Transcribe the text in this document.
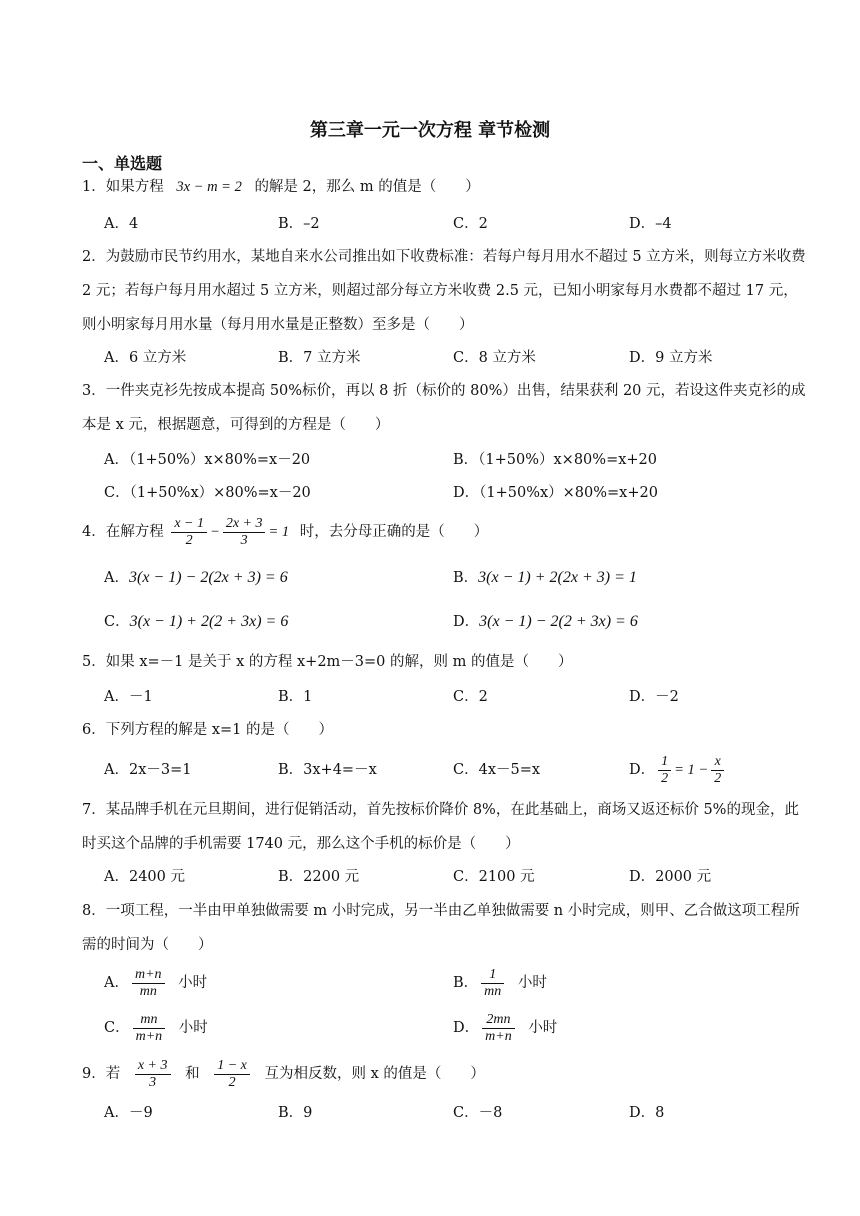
第三章一元一次方程 章节检测
一、单选题
1．如果方程 3x − m = 2 的解是 2，那么 m 的值是（　　）
A．4	B．–2	C．2	D．–4
2．为鼓励市民节约用水，某地自来水公司推出如下收费标准：若每户每月用水不超过 5 立方米，则每立方米收费 2 元；若每户每月用水超过 5 立方米，则超过部分每立方米收费 2.5 元，已知小明家每月水费都不超过 17 元，则小明家每月用水量（每月用水量是正整数）至多是（　　）
A．6 立方米	B．7 立方米	C．8 立方米	D．9 立方米
3．一件夹克衫先按成本提高 50%标价，再以 8 折（标价的 80%）出售，结果获利 20 元，若设这件夹克衫的成本是 x 元，根据题意，可得到的方程是（　　）
A．（1+50%）x×80%=x－20	B．（1+50%）x×80%=x+20
C．（1+50%x）×80%=x－20	D．（1+50%x）×80%=x+20
4．在解方程 $\frac{x - 1}{2} - \frac{2x + 3}{3} = 1$ 时，去分母正确的是（　　）
A．3(x − 1) − 2(2x + 3) = 6	B．3(x − 1) + 2(2x + 3) = 1
C．3(x − 1) + 2(2 + 3x) = 6	D．3(x − 1) − 2(2 + 3x) = 6
5．如果 x=－1 是关于 x 的方程 x+2m－3=0 的解，则 m 的值是（　　）
A．－1	B．1	C．2	D．－2
6．下列方程的解是 x=1 的是（　　）
A．2x－3=1	B．3x+4=－x	C．4x－5=x	D． $\frac{1}{2} = 1 - \frac{x}{2}$
7．某品牌手机在元旦期间，进行促销活动，首先按标价降价 8%，在此基础上，商场又返还标价 5%的现金，此时买这个品牌的手机需要 1740 元，那么这个手机的标价是（　　）
A．2400 元	B．2200 元	C．2100 元	D．2000 元
8．一项工程，一半由甲单独做需要 m 小时完成，另一半由乙单独做需要 n 小时完成，则甲、乙合做这项工程所需的时间为（　　）
A． $\frac{m+n}{mn}$ 小时	B． $\frac{1}{mn}$ 小时
C． $\frac{mn}{m+n}$ 小时	D． $\frac{2mn}{m+n}$ 小时
9．若 $\frac{x + 3}{3}$ 和 $\frac{1 - x}{2}$ 互为相反数，则 x 的值是（　　）
A．－9	B．9	C．－8	D．8
